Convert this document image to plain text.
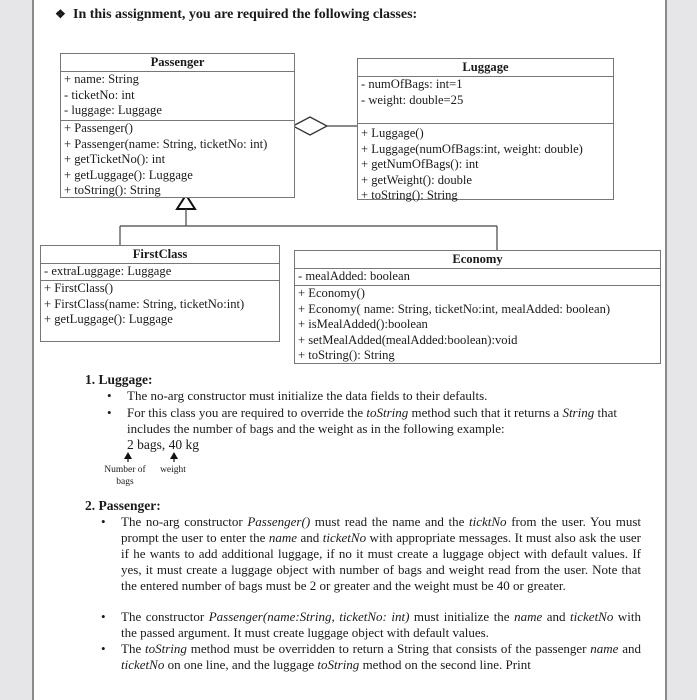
❖ In this assignment, you are required the following classes:
Passenger
+ name: String
- ticketNo: int
- luggage: Luggage
+ Passenger()
+ Passenger(name: String, ticketNo: int)
+ getTicketNo(): int
+ getLuggage(): Luggage
+ toString(): String
Luggage
- numOfBags: int=1
- weight: double=25
+ Luggage()
+ Luggage(numOfBags:int, weight: double)
+ getNumOfBags(): int
+ getWeight(): double
+ toString(): String
FirstClass
- extraLuggage: Luggage
+ FirstClass()
+ FirstClass(name: String, ticketNo:int)
+ getLuggage(): Luggage
Economy
- mealAdded: boolean
+ Economy()
+ Economy( name: String, ticketNo:int, mealAdded: boolean)
+ isMealAdded():boolean
+ setMealAdded(mealAdded:boolean):void
+ toString(): String
1. Luggage:
• The no-arg constructor must initialize the data fields to their defaults.
• For this class you are required to override the toString method such that it returns a String that includes the number of bags and the weight as in the following example:
2 bags, 40 kg
Number of bags
weight
2. Passenger:
• The no-arg constructor Passenger() must read the name and the ticktNo from the user. You must prompt the user to enter the name and ticketNo with appropriate messages. It must also ask the user if he wants to add additional luggage, if no it must create a luggage object with default values. If yes, it must create a luggage object with number of bags and weight read from the user. Note that the entered number of bags must be 2 or greater and the weight must be 40 or greater.
• The constructor Passenger(name:String, ticketNo: int) must initialize the name and ticketNo with the passed argument. It must create luggage object with default values.
• The toString method must be overridden to return a String that consists of the passenger name and ticketNo on one line, and the luggage toString method on the second line. Print
